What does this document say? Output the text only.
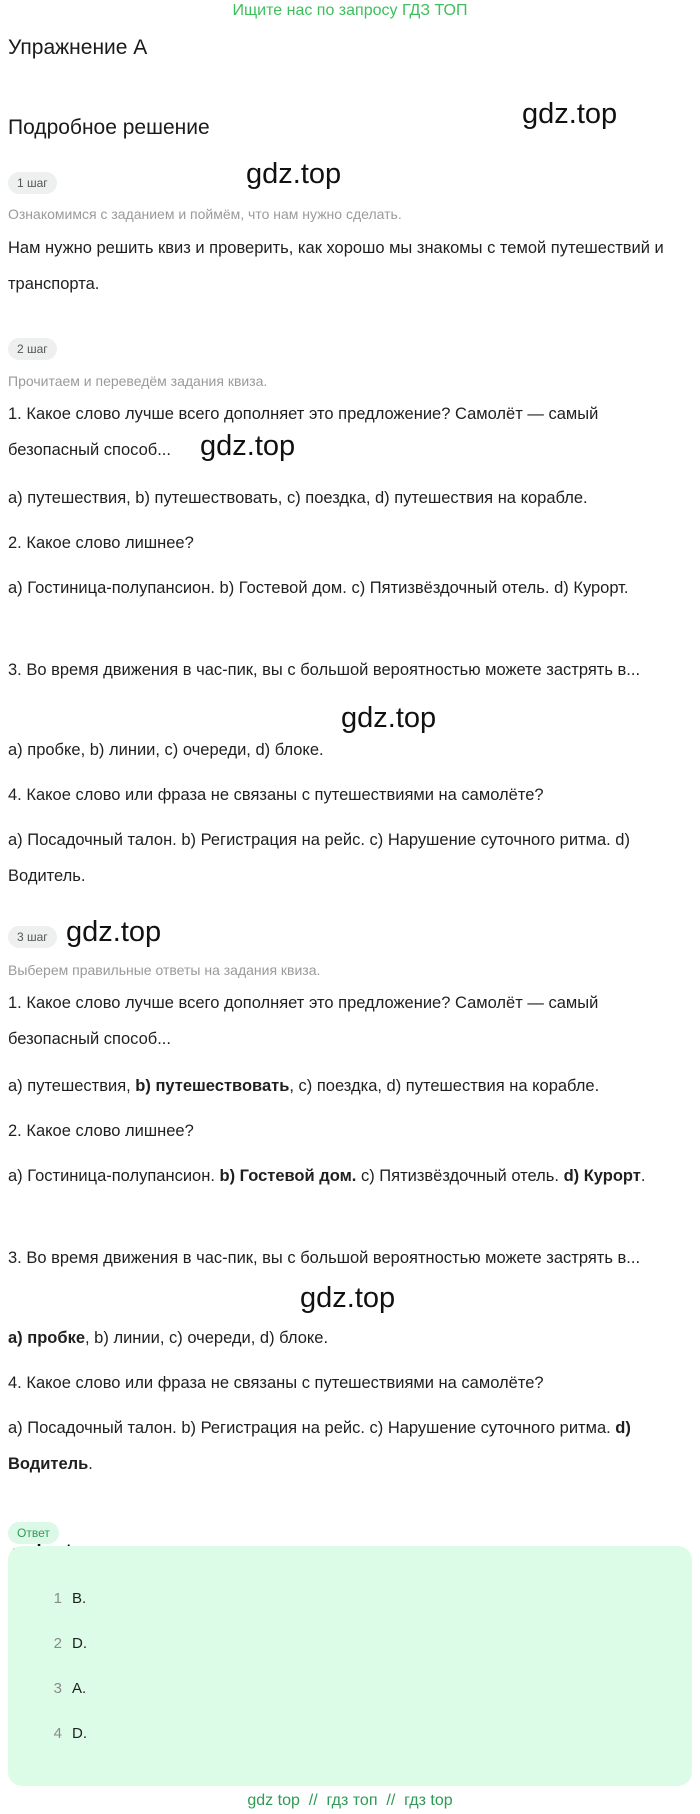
Ищите нас по запросу ГДЗ ТОП
Упражнение A
Подробное решение	gdz.top
gdz.top
gdz.top
gdz.top
gdz.top
gdz.top
1 шаг
Ознакомимся с заданием и поймём, что нам нужно сделать.

Нам нужно решить квиз и проверить, как хорошо мы знакомы с темой путешествий и транспорта.

2 шаг
Прочитаем и переведём задания квиза.

1. Какое слово лучше всего дополняет это предложение? Самолёт — самый безопасный способ...

a) путешествия, b) путешествовать, c) поездка, d) путешествия на корабле.

2. Какое слово лишнее?

a) Гостиница-полупансион. b) Гостевой дом. c) Пятизвёздочный отель. d) Курорт.

3. Во время движения в час-пик, вы с большой вероятностью можете застрять в...

a) пробке, b) линии, c) очереди, d) блоке.

4. Какое слово или фраза не связаны с путешествиями на самолёте?

a) Посадочный талон. b) Регистрация на рейс. c) Нарушение суточного ритма. d) Водитель.

3 шаг
Выберем правильные ответы на задания квиза.

1. Какое слово лучше всего дополняет это предложение? Самолёт — самый безопасный способ...

a) путешествия, b) путешествовать, c) поездка, d) путешествия на корабле.

2. Какое слово лишнее?

a) Гостиница-полупансион. b) Гостевой дом. c) Пятизвёздочный отель. d) Курорт.

3. Во время движения в час-пик, вы с большой вероятностью можете застрять в...

a) пробке, b) линии, c) очереди, d) блоке.

4. Какое слово или фраза не связаны с путешествиями на самолёте?

a) Посадочный талон. b) Регистрация на рейс. c) Нарушение суточного ритма. d) Водитель.

Ответ
1 B.
2 D.
3 A.
4 D.
gdz top  //  гдз топ  //  гдз top
